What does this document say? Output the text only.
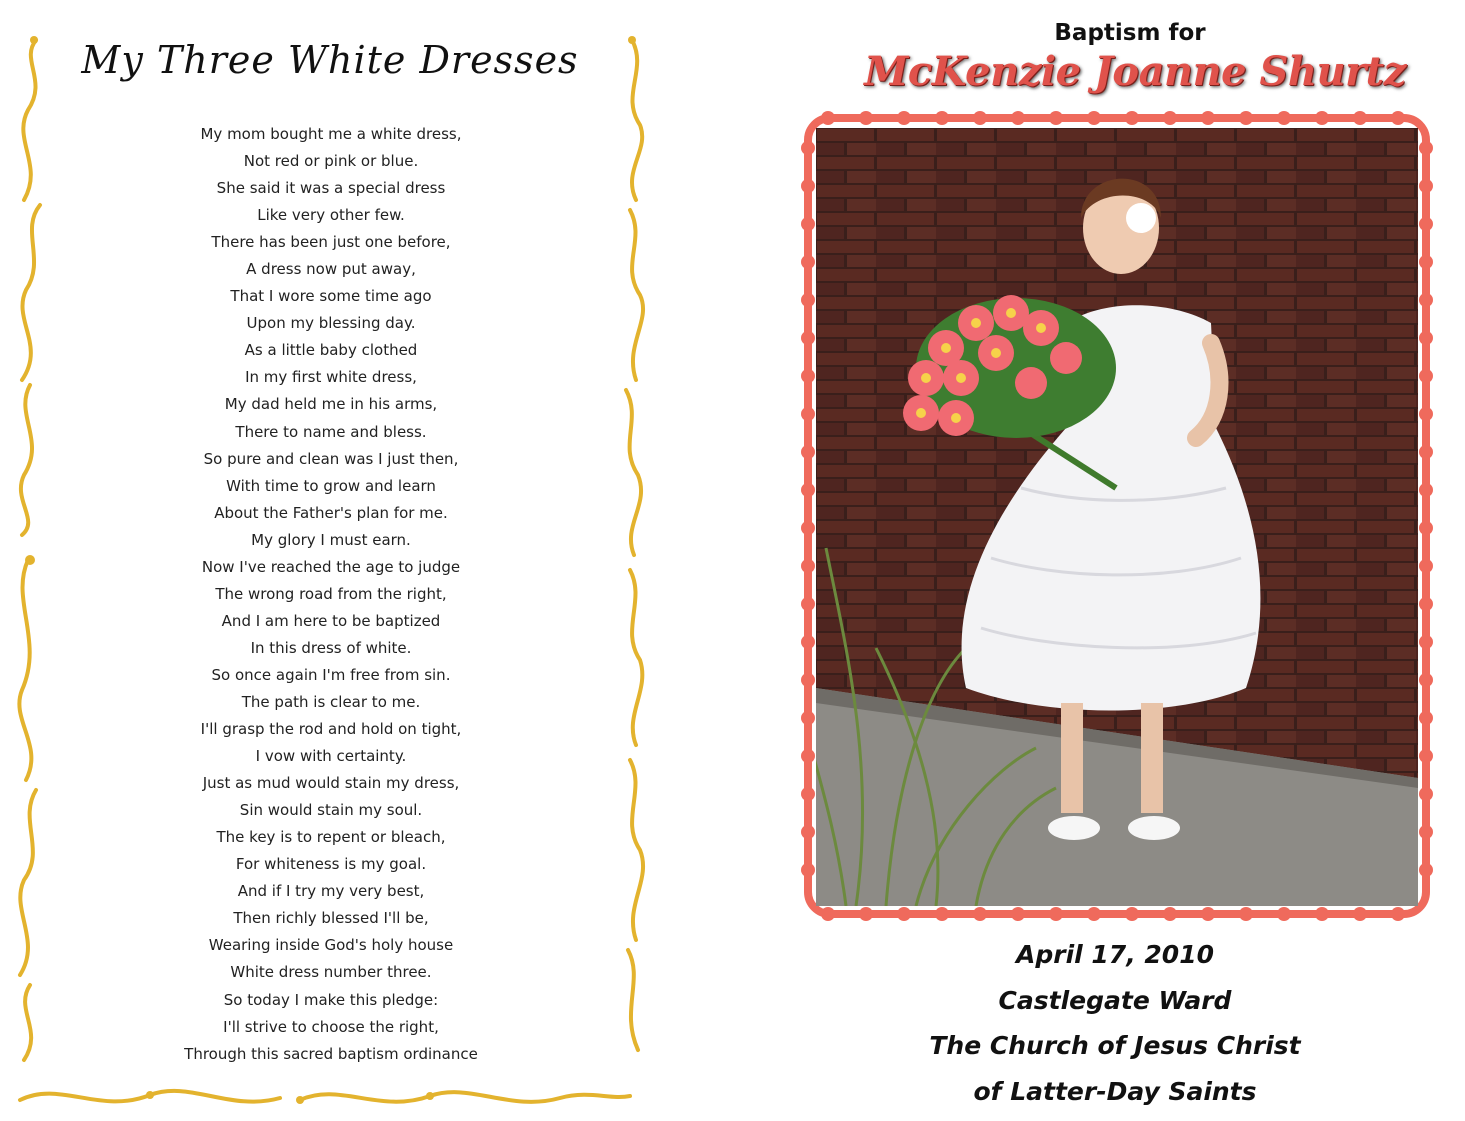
My Three White Dresses
My mom bought me a white dress,
Not red or pink or blue.
She said it was a special dress
Like very other few.
There has been just one before,
A dress now put away,
That I wore some time ago
Upon my blessing day.
As a little baby clothed
In my first white dress,
My dad held me in his arms,
There to name and bless.
So pure and clean was I just then,
With time to grow and learn
About the Father's plan for me.
My glory I must earn.
Now I've reached the age to judge
The wrong road from the right,
And I am here to be baptized
In this dress of white.
So once again I'm free from sin.
The path is clear to me.
I'll grasp the rod and hold on tight,
I vow with certainty.
Just as mud would stain my dress,
Sin would stain my soul.
The key is to repent or bleach,
For whiteness is my goal.
And if I try my very best,
Then richly blessed I'll be,
Wearing inside God's holy house
White dress number three.
So today I make this pledge:
I'll strive to choose the right,
Through this sacred baptism ordinance
Baptism for
McKenzie Joanne Shurtz
April 17, 2010
Castlegate Ward
The Church of Jesus Christ
of Latter-Day Saints
